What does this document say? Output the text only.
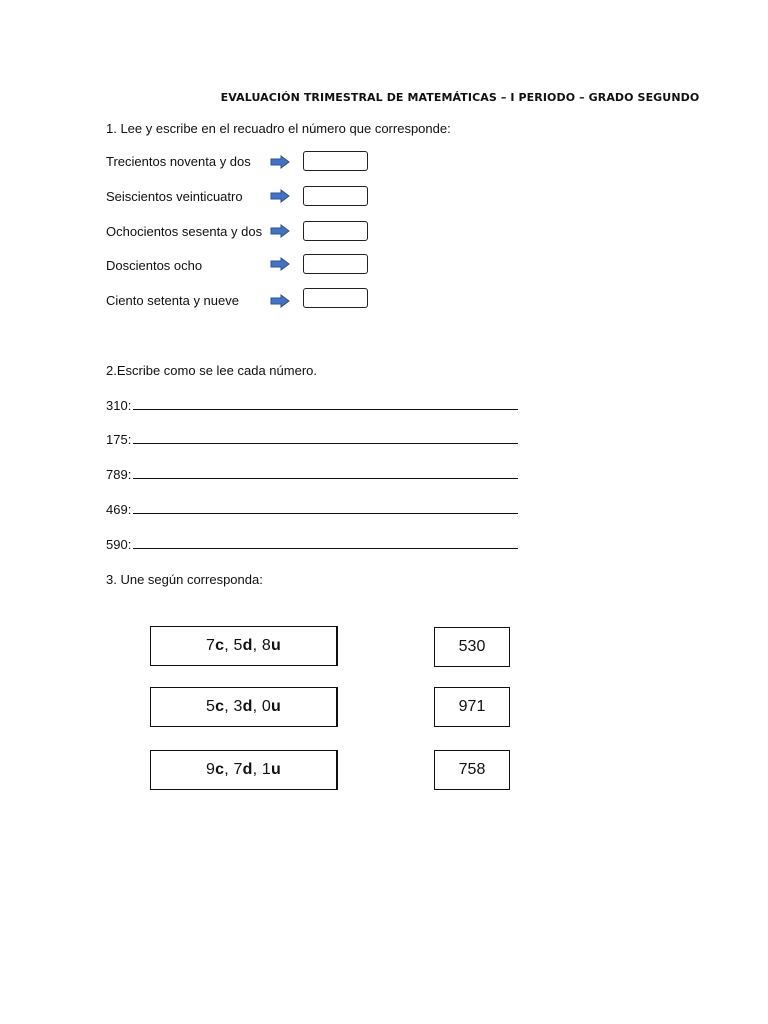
EVALUACIÓN TRIMESTRAL DE MATEMÁTICAS – I PERIODO – GRADO SEGUNDO
1. Lee y escribe en el recuadro el número que corresponde:
Trecientos noventa y dos
Seiscientos veinticuatro
Ochocientos sesenta y dos
Doscientos ocho
Ciento setenta y nueve
2.Escribe como se lee cada número.
310:
175:
789:
469:
590:
3. Une según corresponda:
7 c , 5 d , 8 u
5 c , 3 d , 0 u
9 c , 7 d , 1 u
530
971
758
